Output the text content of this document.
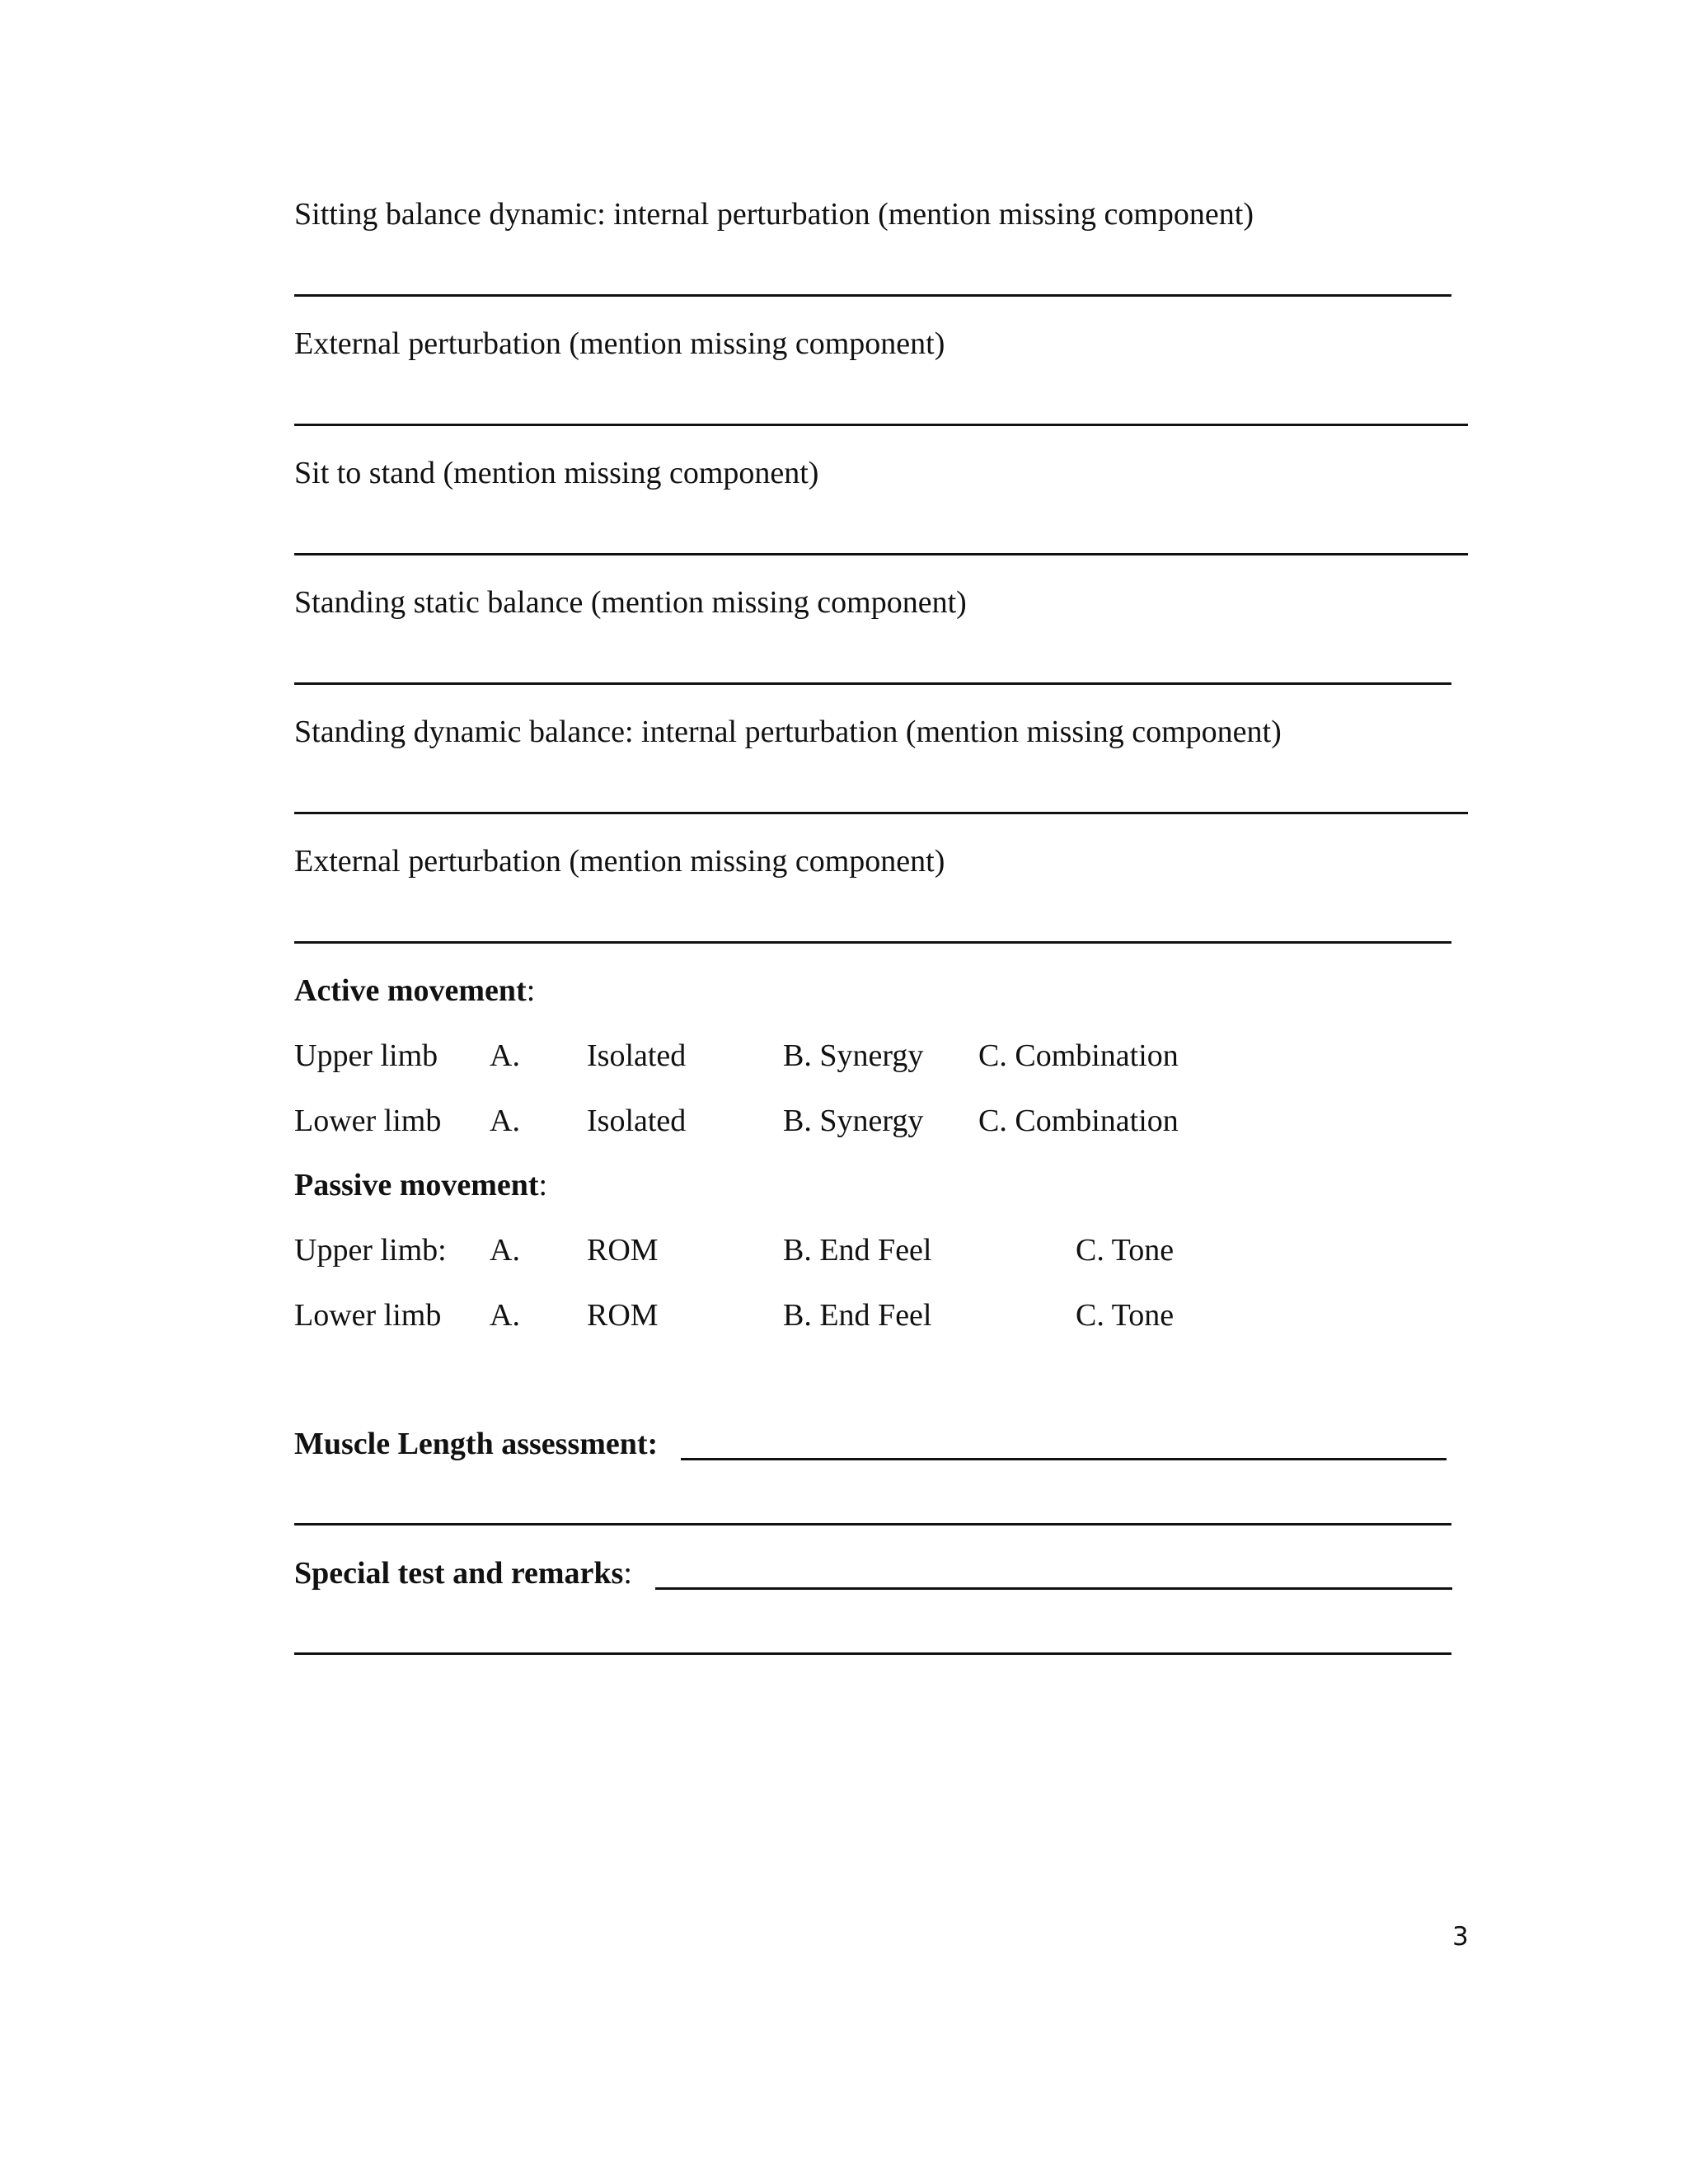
Sitting balance dynamic: internal perturbation (mention missing component)
External perturbation (mention missing component)
Sit to stand (mention missing component)
Standing static balance (mention missing component)
Standing dynamic balance: internal perturbation (mention missing component)
External perturbation (mention missing component)
Active movement:
Upper limb A. Isolated	B. Synergy C. Combination
Lower limb A. Isolated	B. Synergy C. Combination
Passive movement:
Upper limb: A. ROM	B. End Feel	C. Tone
Lower limb A. ROM	B. End Feel	C. Tone
Muscle Length assessment:
Special test and remarks:
3
